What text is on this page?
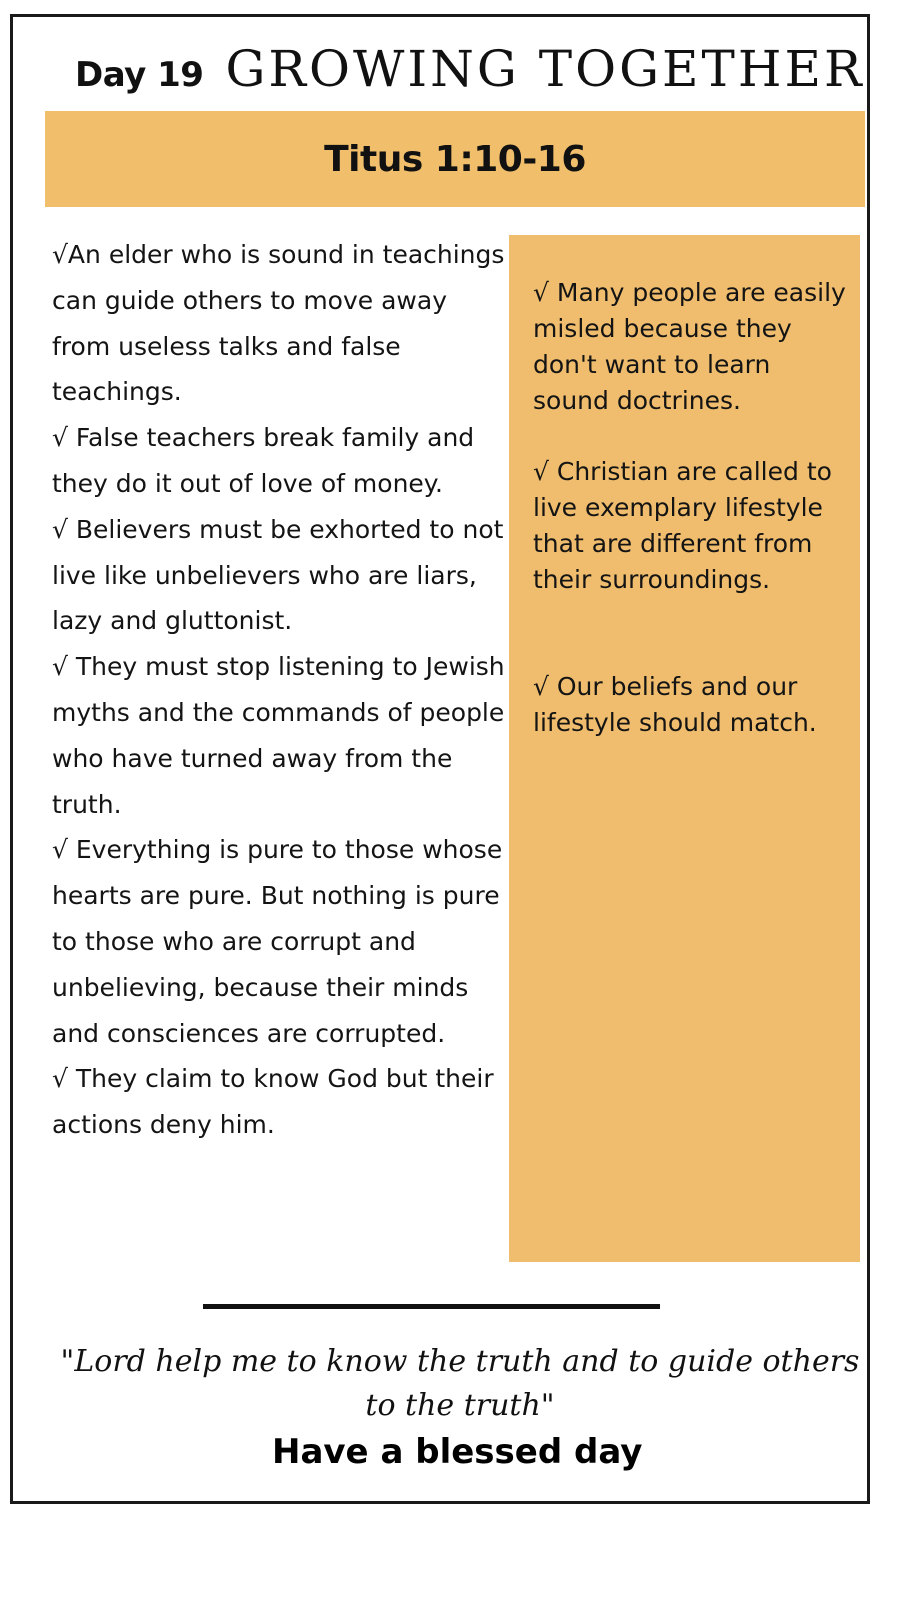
Day 19 GROWING TOGETHER
Titus 1:10-16

√An elder who is sound in teachings can guide others to move away from useless talks and false teachings.

√ False teachers break family and they do it out of love of money.

√ Believers must be exhorted to not live like unbelievers who are liars, lazy and gluttonist.

√ They must stop listening to Jewish myths and the commands of people who have turned away from the truth.

√ Everything is pure to those whose hearts are pure. But nothing is pure to those who are corrupt and unbelieving, because their minds and consciences are corrupted.

√ They claim to know God but their actions deny him.

√ Many people are easily misled because they don't want to learn sound doctrines.

√ Christian are called to live exemplary lifestyle that are different from their surroundings.

√ Our beliefs and our lifestyle should match.

"Lord help me to know the truth and to guide others to the truth"
Have a blessed day
